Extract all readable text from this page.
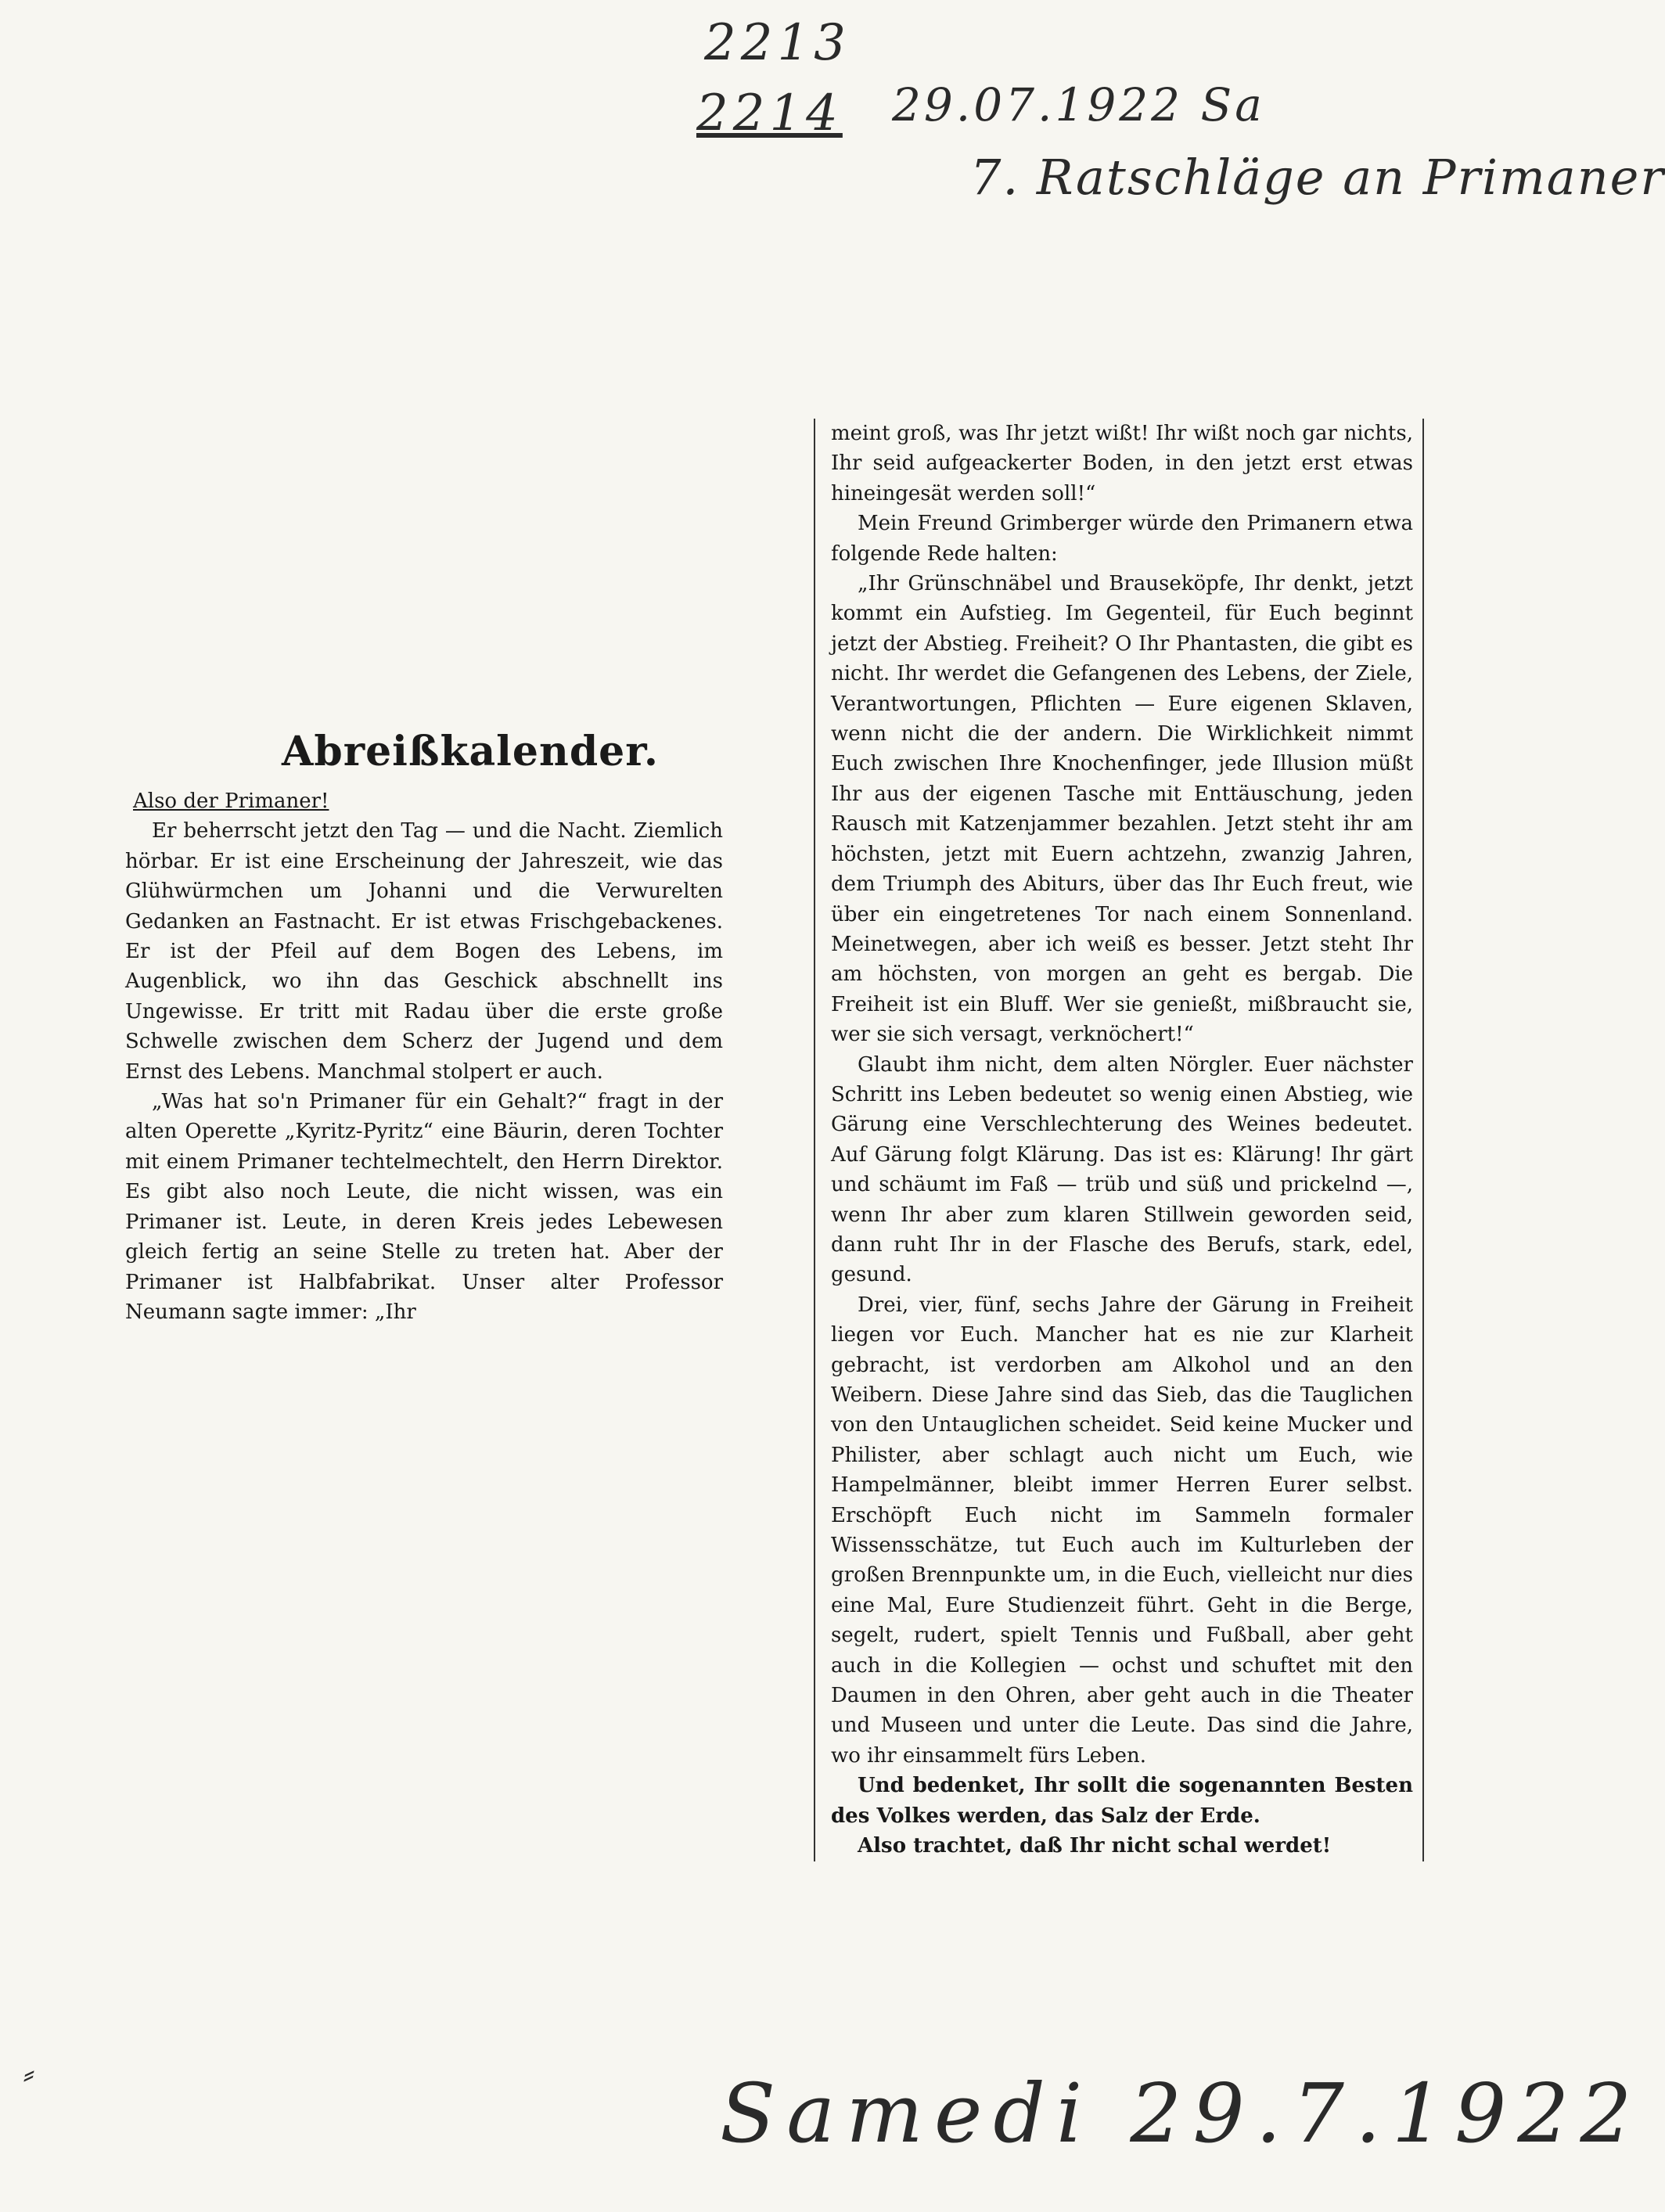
2213
2214 29.07.1922 Sa
7. Ratschläge an Primaner

meint groß, was Ihr jetzt wißt! Ihr wißt noch gar nichts, Ihr seid aufgeackerter Boden, in den jetzt erst etwas hineingesät werden soll!“

Mein Freund Grimberger würde den Primanern etwa folgende Rede halten:

„Ihr Grünschnäbel und Brauseköpfe, Ihr denkt, jetzt kommt ein Aufstieg. Im Gegenteil, für Euch beginnt jetzt der Abstieg. Freiheit? O Ihr Phantasten, die gibt es nicht. Ihr werdet die Gefangenen des Lebens, der Ziele, Verantwortungen, Pflichten — Eure eigenen Sklaven, wenn nicht die der andern. Die Wirklichkeit nimmt Euch zwischen Ihre Knochenfinger, jede Illusion müßt Ihr aus der eigenen Tasche mit Enttäuschung, jeden Rausch mit Katzenjammer bezahlen. Jetzt steht ihr am höchsten, jetzt mit Euern achtzehn, zwanzig Jahren, dem Triumph des Abiturs, über das Ihr Euch freut, wie über ein eingetretenes Tor nach einem Sonnenland. Meinetwegen, aber ich weiß es besser. Jetzt steht Ihr am höchsten, von morgen an geht es bergab. Die Freiheit ist ein Bluff. Wer sie genießt, mißbraucht sie, wer sie sich versagt, verknöchert!“

Glaubt ihm nicht, dem alten Nörgler. Euer nächster Schritt ins Leben bedeutet so wenig einen Abstieg, wie Gärung eine Verschlechterung des Weines bedeutet. Auf Gärung folgt Klärung. Das ist es: Klärung! Ihr gärt und schäumt im Faß — trüb und süß und prickelnd —, wenn Ihr aber zum klaren Stillwein geworden seid, dann ruht Ihr in der Flasche des Berufs, stark, edel, gesund.

Drei, vier, fünf, sechs Jahre der Gärung in Freiheit liegen vor Euch. Mancher hat es nie zur Klarheit gebracht, ist verdorben am Alkohol und an den Weibern. Diese Jahre sind das Sieb, das die Tauglichen von den Untauglichen scheidet. Seid keine Mucker und Philister, aber schlagt auch nicht um Euch, wie Hampelmänner, bleibt immer Herren Eurer selbst. Erschöpft Euch nicht im Sammeln formaler Wissensschätze, tut Euch auch im Kulturleben der großen Brennpunkte um, in die Euch, vielleicht nur dies eine Mal, Eure Studienzeit führt. Geht in die Berge, segelt, rudert, spielt Tennis und Fußball, aber geht auch in die Kollegien — ochst und schuftet mit den Daumen in den Ohren, aber geht auch in die Theater und Museen und unter die Leute. Das sind die Jahre, wo ihr einsammelt fürs Leben.

Und bedenket, Ihr sollt die sogenannten Besten des Volkes werden, das Salz der Erde.

Also trachtet, daß Ihr nicht schal werdet!

Abreißkalender.

Also der Primaner!

Er beherrscht jetzt den Tag — und die Nacht. Ziemlich hörbar. Er ist eine Erscheinung der Jahreszeit, wie das Glühwürmchen um Johanni und die Verwurelten Gedanken an Fastnacht. Er ist etwas Frischgebackenes. Er ist der Pfeil auf dem Bogen des Lebens, im Augenblick, wo ihn das Geschick abschnellt ins Ungewisse. Er tritt mit Radau über die erste große Schwelle zwischen dem Scherz der Jugend und dem Ernst des Lebens. Manchmal stolpert er auch.

„Was hat so'n Primaner für ein Gehalt?“ fragt in der alten Operette „Kyritz-Pyritz“ eine Bäurin, deren Tochter mit einem Primaner techtelmechtelt, den Herrn Direktor. Es gibt also noch Leute, die nicht wissen, was ein Primaner ist. Leute, in deren Kreis jedes Lebewesen gleich fertig an seine Stelle zu treten hat. Aber der Primaner ist Halbfabrikat. Unser alter Professor Neumann sagte immer: „Ihr

⸗	Samedi 29.7.1922
